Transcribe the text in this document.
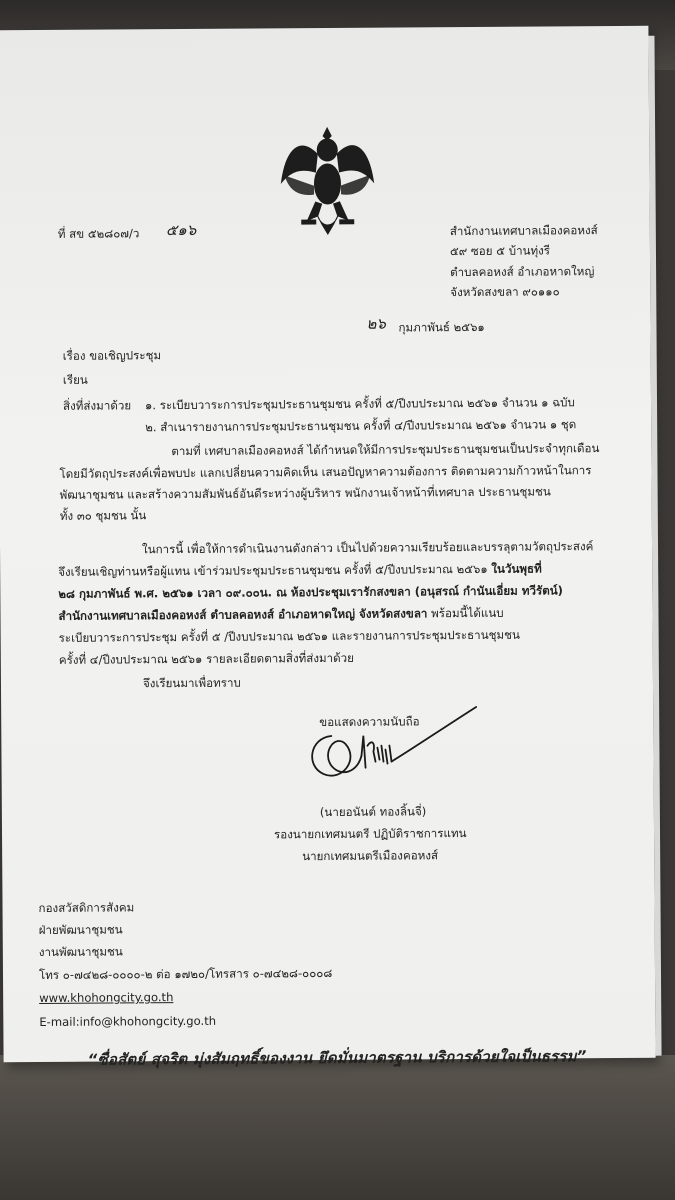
ที่ สข ๕๒๘๐๗/ว ๕๑๖	สำนักงานเทศบาลเมืองคอหงส์
๕๙ ซอย ๕ บ้านทุ่งรี
ตำบลคอหงส์ อำเภอหาดใหญ่
จังหวัดสงขลา ๙๐๑๑๐
๒๖ กุมภาพันธ์ ๒๕๖๑
เรื่อง ขอเชิญประชุม
เรียน
สิ่งที่ส่งมาด้วย ๑. ระเบียบวาระการประชุมประธานชุมชน ครั้งที่ ๕/ปีงบประมาณ ๒๕๖๑ จำนวน ๑ ฉบับ
๒. สำเนารายงานการประชุมประธานชุมชน ครั้งที่ ๔/ปีงบประมาณ ๒๕๖๑ จำนวน ๑ ชุด
ตามที่ เทศบาลเมืองคอหงส์ ได้กำหนดให้มีการประชุมประธานชุมชนเป็นประจำทุกเดือน
โดยมีวัตถุประสงค์เพื่อพบปะ แลกเปลี่ยนความคิดเห็น เสนอปัญหาความต้องการ ติดตามความก้าวหน้าในการ
พัฒนาชุมชน และสร้างความสัมพันธ์อันดีระหว่างผู้บริหาร พนักงานเจ้าหน้าที่เทศบาล ประธานชุมชน
ทั้ง ๓๐ ชุมชน นั้น
ในการนี้ เพื่อให้การดำเนินงานดังกล่าว เป็นไปด้วยความเรียบร้อยและบรรลุตามวัตถุประสงค์
จึงเรียนเชิญท่านหรือผู้แทน เข้าร่วมประชุมประธานชุมชน ครั้งที่ ๕/ปีงบประมาณ ๒๕๖๑ ในวันพุธที่
๒๘ กุมภาพันธ์ พ.ศ. ๒๕๖๑ เวลา ๐๙.๐๐น. ณ ห้องประชุมเรารักสงขลา (อนุสรณ์ กำนันเอี่ยม ทวีรัตน์)
สำนักงานเทศบาลเมืองคอหงส์ ตำบลคอหงส์ อำเภอหาดใหญ่ จังหวัดสงขลา พร้อมนี้ได้แนบ
ระเบียบวาระการประชุม ครั้งที่ ๕ /ปีงบประมาณ ๒๕๖๑ และรายงานการประชุมประธานชุมชน
ครั้งที่ ๔/ปีงบประมาณ ๒๕๖๑ รายละเอียดตามสิ่งที่ส่งมาด้วย
จึงเรียนมาเพื่อทราบ
ขอแสดงความนับถือ
(นายอนันต์ ทองลิ้นจี่)
รองนายกเทศมนตรี ปฏิบัติราชการแทน
นายกเทศมนตรีเมืองคอหงส์
กองสวัสดิการสังคม
ฝ่ายพัฒนาชุมชน
งานพัฒนาชุมชน
โทร ๐-๗๔๒๘-๐๐๐๐-๒ ต่อ ๑๗๒๐/โทรสาร ๐-๗๔๒๘-๐๐๐๘
www.khohongcity.go.th
E-mail:info@khohongcity.go.th
“ซื่อสัตย์ สุจริต มุ่งสัมฤทธิ์ของงาน ยึดมั่นมาตรฐาน บริการด้วยใจเป็นธรรม”
